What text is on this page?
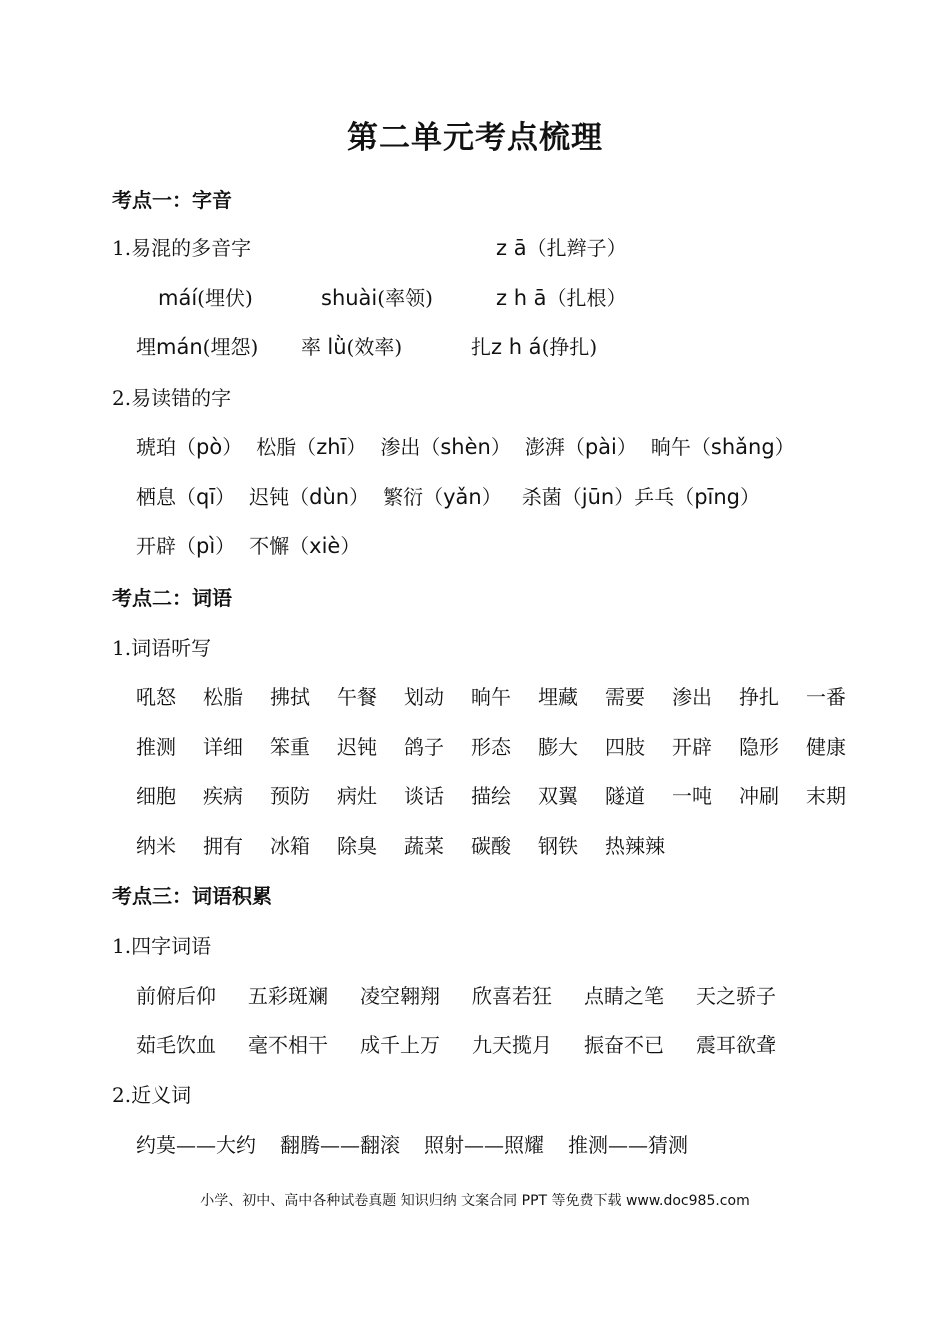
第二单元考点梳理
考点一：字音
1.易混的多音字	z ā（扎辫子）
máí(埋伏)	shuài(率领)	z h ā（扎根）
埋mán(埋怨) 率 lǜ(效率)	扎z h á(挣扎)
2.易读错的字
琥珀（pò） 松脂（zhī） 渗出（shèn） 澎湃（pài） 晌午（shǎng）
栖息（qī） 迟钝（dùn） 繁衍（yǎn） 杀菌（jūn） 乒乓（pīng）
开辟（pì） 不懈（xiè）
考点二：词语
1.词语听写
吼怒	松脂	拂拭	午餐	划动	晌午	埋藏	需要	渗出	挣扎	一番
推测	详细	笨重	迟钝	鸽子	形态	膨大	四肢	开辟	隐形	健康
细胞	疾病	预防	病灶	谈话	描绘	双翼	隧道	一吨	冲刷	末期
纳米	拥有	冰箱	除臭	蔬菜	碳酸	钢铁	热辣辣
考点三：词语积累
1.四字词语
前俯后仰	五彩斑斓	凌空翱翔	欣喜若狂	点睛之笔	天之骄子
茹毛饮血	毫不相干	成千上万	九天揽月	振奋不已	震耳欲聋
2.近义词
约莫——大约 翻腾——翻滚 照射——照耀 推测——猜测
小学、初中、高中各种试卷真题 知识归纳 文案合同 PPT 等免费下载 www.doc985.com
